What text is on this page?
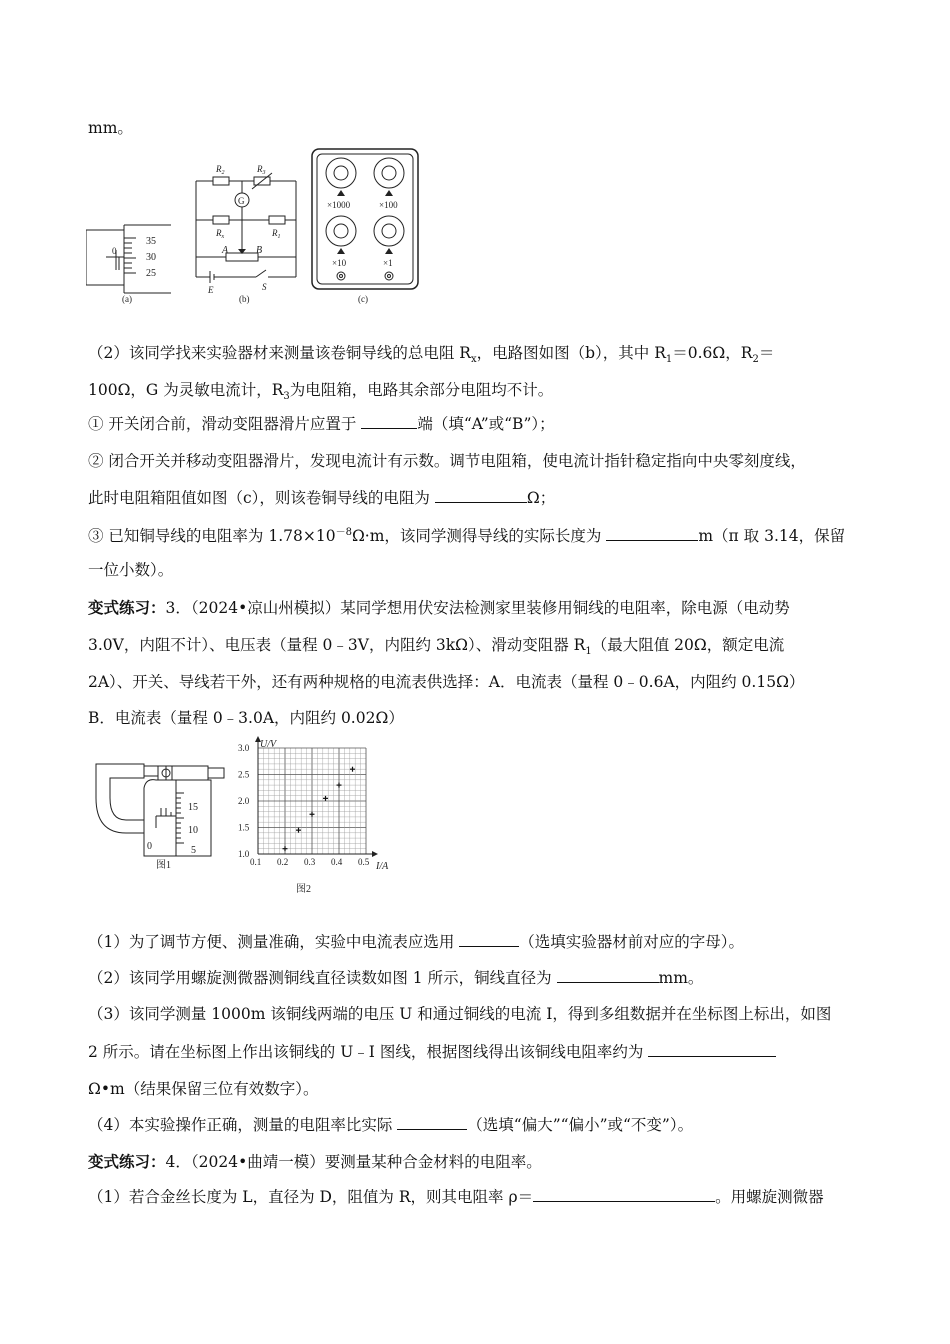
mm。
35
30
25
0
(a)
G
$R_2$	$R_3$
$R_x$	$R_1$
A	B
E	S
(b)
×1000	×100
×10	×1
(c)
（2）该同学找来实验器材来测量该卷铜导线的总电阻 $R_x$，电路图如图（b），其中 $R_1=0.6\Omega$，$R_2=$
100Ω，G 为灵敏电流计，$R_3$为电阻箱，电路其余部分电阻均不计。
① 开关闭合前，滑动变阻器滑片应置于	端（填“A”或“B”）；
② 闭合开关并移动变阻器滑片，发现电流计有示数。调节电阻箱，使电流计指针稳定指向中央零刻度线，
此时电阻箱阻值如图（c），则该卷铜导线的电阻为	Ω；
③ 已知铜导线的电阻率为 $1.78\times 10^{-8}\Omega\cdot m$，该同学测得导线的实际长度为	m（π 取 3.14，保留
一位小数）。
变式练习：3．（2024•凉山州模拟）某同学想用伏安法检测家里装修用铜线的电阻率，除电源（电动势
3.0V，内阻不计）、电压表（量程 0﹣3V，内阻约 3kΩ）、滑动变阻器 $R_1$（最大阻值 20Ω，额定电流
2A）、开关、导线若干外，还有两种规格的电流表供选择：A．电流表（量程 0﹣0.6A，内阻约 0.15Ω）
B．电流表（量程 0﹣3.0A，内阻约 0.02Ω）
15
10
5
0
图1	0.1 0.2 0.3 0.4 0.5
1.0
1.5
2.0
2.5
3.0 U/V
I/A
图2
（1）为了调节方便、测量准确，实验中电流表应选用	（选填实验器材前对应的字母）。
（2）该同学用螺旋测微器测铜线直径读数如图 1 所示，铜线直径为	mm。
（3）该同学测量 1000m 该铜线两端的电压 U 和通过铜线的电流 I，得到多组数据并在坐标图上标出，如图
2 所示。请在坐标图上作出该铜线的 U﹣I 图线，根据图线得出该铜线电阻率约为
Ω•m（结果保留三位有效数字）。
（4）本实验操作正确，测量的电阻率比实际	（选填“偏大”“偏小”或“不变”）。
变式练习：4．（2024•曲靖一模）要测量某种合金材料的电阻率。
（1）若合金丝长度为 L，直径为 D，阻值为 R，则其电阻率 ρ＝	。用螺旋测微器
